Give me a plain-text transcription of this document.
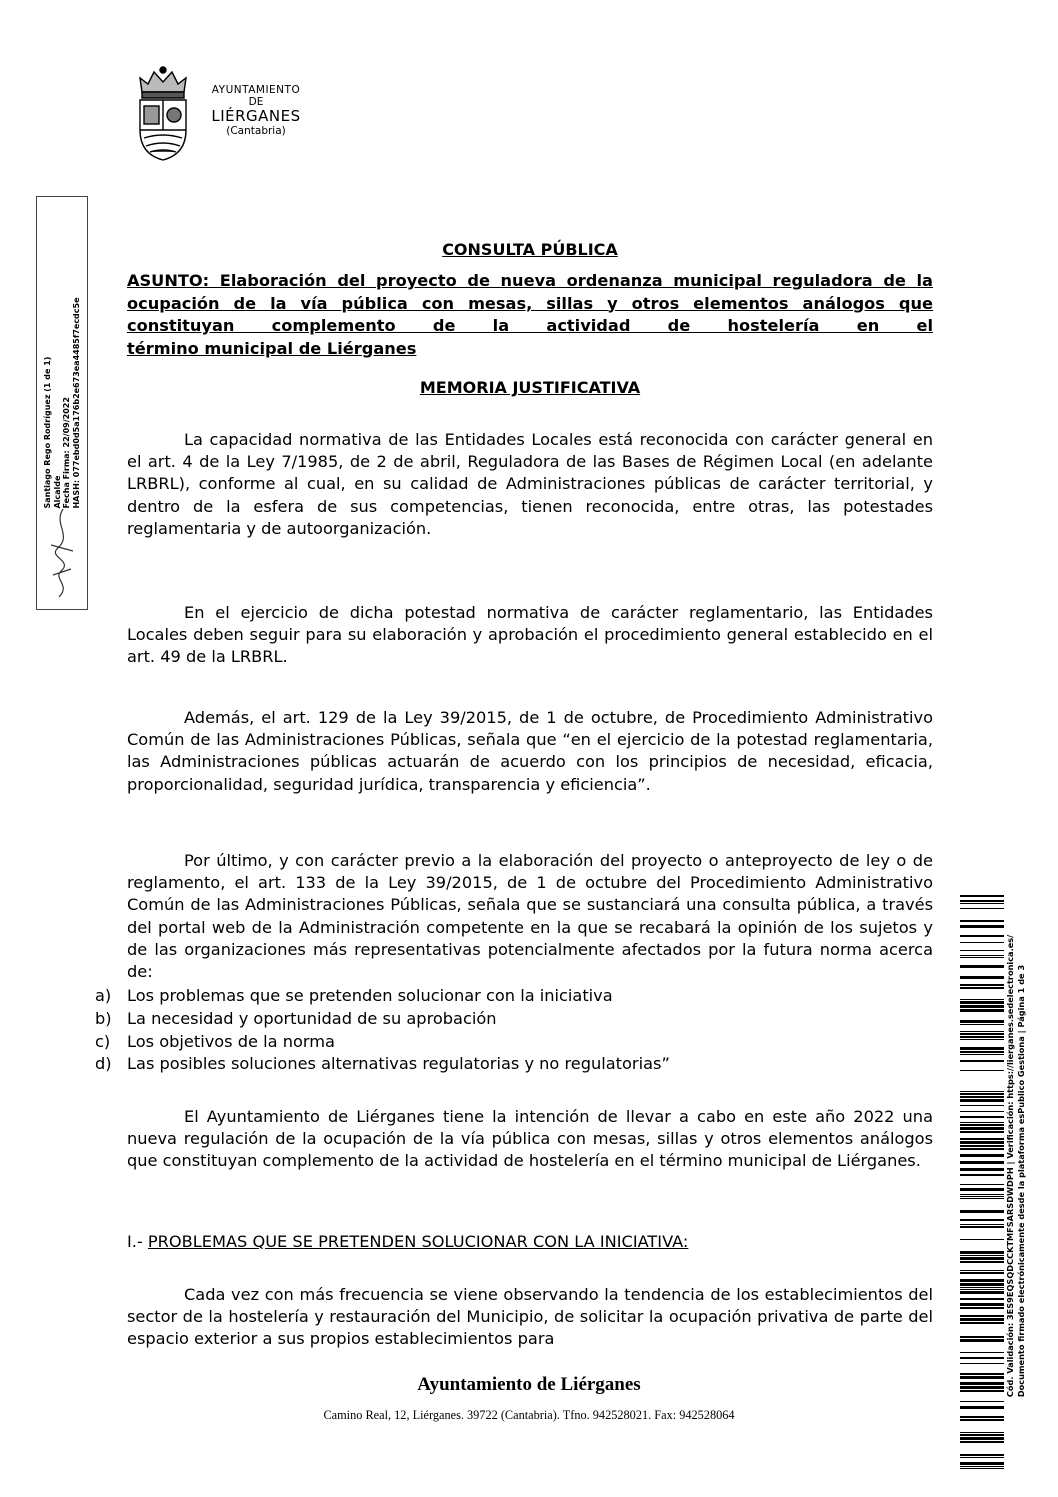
AYUNTAMIENTO
DE
LIÉRGANES
(Cantabria)
Santiago Rego Rodríguez (1 de 1) Alcalde Fecha Firma: 22/09/2022 HASH: 077ebd0d5a176b2e673ea4485f7ecdc5e
CONSULTA PÚBLICA
ASUNTO: Elaboración del proyecto de nueva ordenanza municipal reguladora de la ocupación de la vía pública con mesas, sillas y otros elementos análogos que constituyan complemento de la actividad de hostelería en el
término municipal de Liérganes
MEMORIA JUSTIFICATIVA

La capacidad normativa de las Entidades Locales está reconocida con carácter general en el art. 4 de la Ley 7/1985, de 2 de abril, Reguladora de las Bases de Régimen Local (en adelante LRBRL), conforme al cual, en su calidad de Administraciones públicas de carácter territorial, y dentro de la esfera de sus competencias, tienen reconocida, entre otras, las potestades reglamentaria y de autoorganización.

En el ejercicio de dicha potestad normativa de carácter reglamentario, las Entidades Locales deben seguir para su elaboración y aprobación el procedimiento general establecido en el art. 49 de la LRBRL.

Además, el art. 129 de la Ley 39/2015, de 1 de octubre, de Procedimiento Administrativo Común de las Administraciones Públicas, señala que “en el ejercicio de la potestad reglamentaria, las Administraciones públicas actuarán de acuerdo con los principios de necesidad, eficacia, proporcionalidad, seguridad jurídica, transparencia y eficiencia”.

Por último, y con carácter previo a la elaboración del proyecto o anteproyecto de ley o de reglamento, el art. 133 de la Ley 39/2015, de 1 de octubre del Procedimiento Administrativo Común de las Administraciones Públicas, señala que se sustanciará una consulta pública, a través del portal web de la Administración competente en la que se recabará la opinión de los sujetos y de las organizaciones más representativas potencialmente afectados por la futura norma acerca de:

a) Los problemas que se pretenden solucionar con la iniciativa
b) La necesidad y oportunidad de su aprobación
c) Los objetivos de la norma
d) Las posibles soluciones alternativas regulatorias y no regulatorias”

El Ayuntamiento de Liérganes tiene la intención de llevar a cabo en este año 2022 una nueva regulación de la ocupación de la vía pública con mesas, sillas y otros elementos análogos que constituyan complemento de la actividad de hostelería en el término municipal de Liérganes.

I.- PROBLEMAS QUE SE PRETENDEN SOLUCIONAR CON LA INICIATIVA:

Cada vez con más frecuencia se viene observando la tendencia de los establecimientos del sector de la hostelería y restauración del Municipio, de solicitar la ocupación privativa de parte del espacio exterior a sus propios establecimientos para

Ayuntamiento de Liérganes
Camino Real, 12, Liérganes. 39722 (Cantabria). Tfno. 942528021. Fax: 942528064
Cód. Validación: 3ES9EQSQDCCKTMFSARSDWDPH | Verificación: https://lierganes.sedelectronica.es/ Documento firmado electrónicamente desde la plataforma esPublico Gestiona | Página 1 de 3
